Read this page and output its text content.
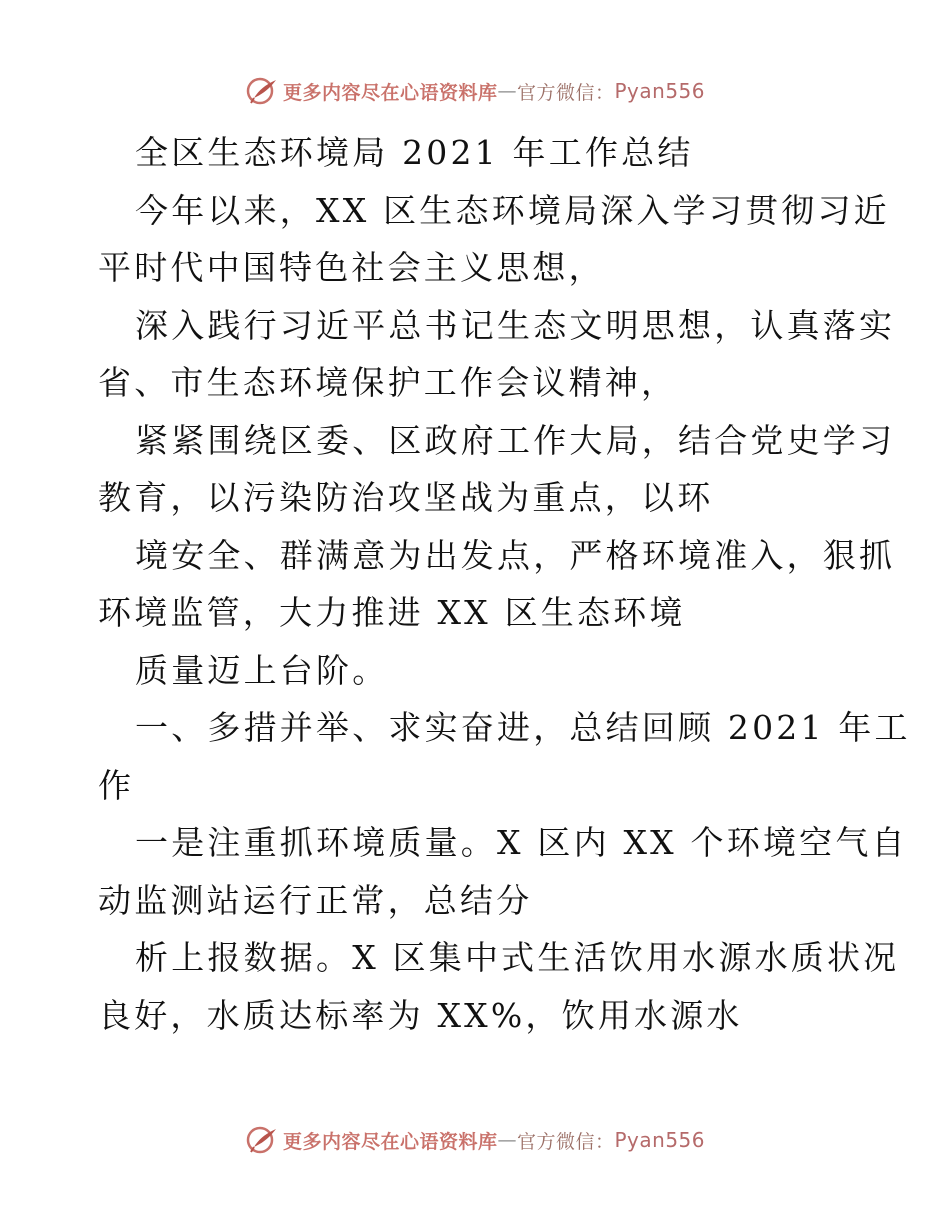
更多内容尽在心语资料库 — 官方微信： Pyan556
全区生态环境局 2021 年工作总结
今年以来，XX 区生态环境局深入学习贯彻习近
平时代中国特色社会主义思想，
深入践行习近平总书记生态文明思想，认真落实
省、市生态环境保护工作会议精神，
紧紧围绕区委、区政府工作大局，结合党史学习
教育，以污染防治攻坚战为重点，以环
境安全、群满意为出发点，严格环境准入，狠抓
环境监管，大力推进 XX 区生态环境
质量迈上台阶。
一、多措并举、求实奋进，总结回顾 2021 年工
作
一是注重抓环境质量。X 区内 XX 个环境空气自
动监测站运行正常，总结分
析上报数据。X 区集中式生活饮用水源水质状况
良好，水质达标率为 XX%，饮用水源水
更多内容尽在心语资料库 — 官方微信： Pyan556
